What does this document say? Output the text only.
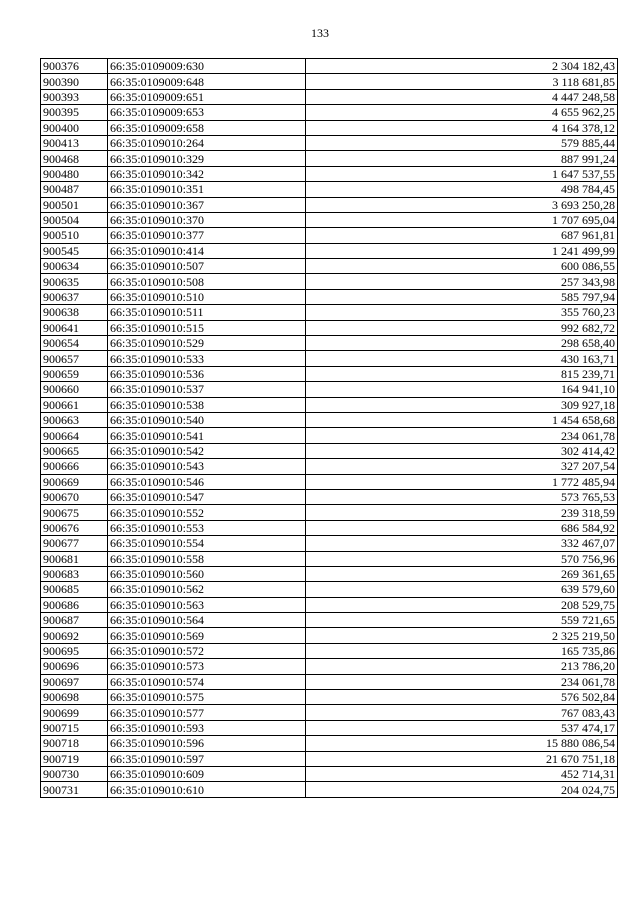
133
900376	66:35:0109009:630	2 304 182,43
900390	66:35:0109009:648	3 118 681,85
900393	66:35:0109009:651	4 447 248,58
900395	66:35:0109009:653	4 655 962,25
900400	66:35:0109009:658	4 164 378,12
900413	66:35:0109010:264	579 885,44
900468	66:35:0109010:329	887 991,24
900480	66:35:0109010:342	1 647 537,55
900487	66:35:0109010:351	498 784,45
900501	66:35:0109010:367	3 693 250,28
900504	66:35:0109010:370	1 707 695,04
900510	66:35:0109010:377	687 961,81
900545	66:35:0109010:414	1 241 499,99
900634	66:35:0109010:507	600 086,55
900635	66:35:0109010:508	257 343,98
900637	66:35:0109010:510	585 797,94
900638	66:35:0109010:511	355 760,23
900641	66:35:0109010:515	992 682,72
900654	66:35:0109010:529	298 658,40
900657	66:35:0109010:533	430 163,71
900659	66:35:0109010:536	815 239,71
900660	66:35:0109010:537	164 941,10
900661	66:35:0109010:538	309 927,18
900663	66:35:0109010:540	1 454 658,68
900664	66:35:0109010:541	234 061,78
900665	66:35:0109010:542	302 414,42
900666	66:35:0109010:543	327 207,54
900669	66:35:0109010:546	1 772 485,94
900670	66:35:0109010:547	573 765,53
900675	66:35:0109010:552	239 318,59
900676	66:35:0109010:553	686 584,92
900677	66:35:0109010:554	332 467,07
900681	66:35:0109010:558	570 756,96
900683	66:35:0109010:560	269 361,65
900685	66:35:0109010:562	639 579,60
900686	66:35:0109010:563	208 529,75
900687	66:35:0109010:564	559 721,65
900692	66:35:0109010:569	2 325 219,50
900695	66:35:0109010:572	165 735,86
900696	66:35:0109010:573	213 786,20
900697	66:35:0109010:574	234 061,78
900698	66:35:0109010:575	576 502,84
900699	66:35:0109010:577	767 083,43
900715	66:35:0109010:593	537 474,17
900718	66:35:0109010:596	15 880 086,54
900719	66:35:0109010:597	21 670 751,18
900730	66:35:0109010:609	452 714,31
900731	66:35:0109010:610	204 024,75
